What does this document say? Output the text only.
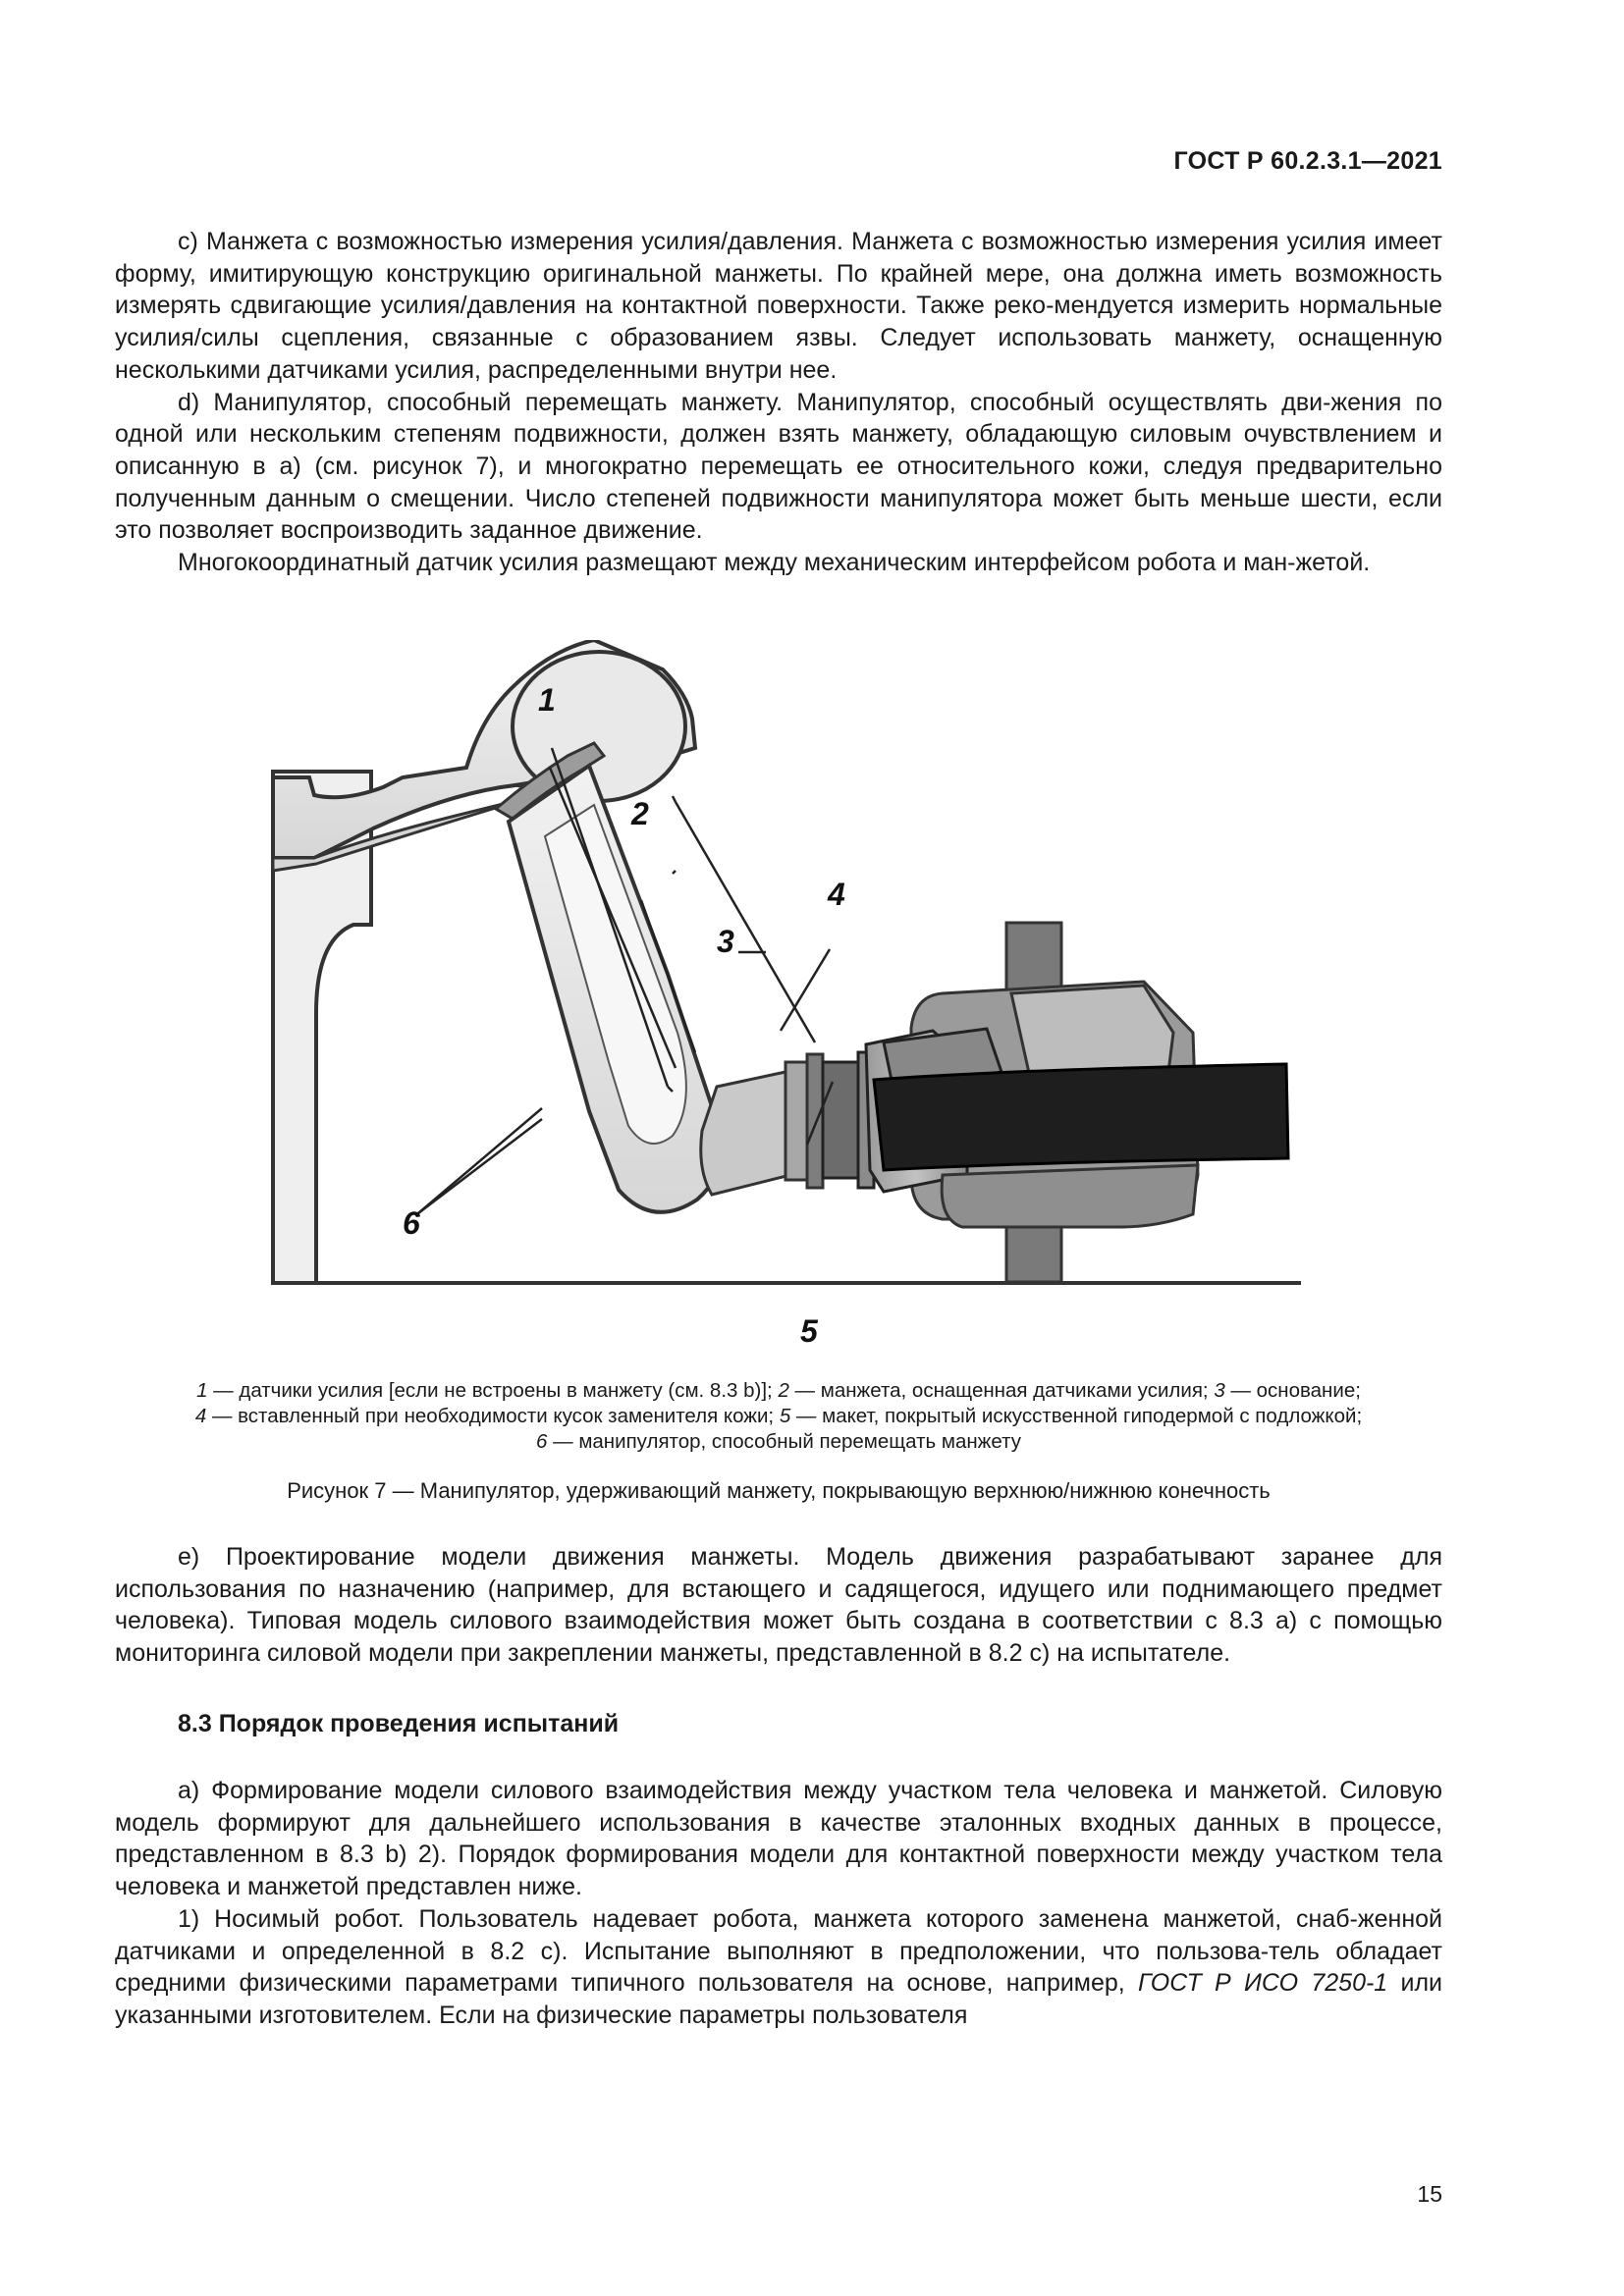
ГОСТ Р 60.2.3.1—2021

с) Манжета с возможностью измерения усилия/давления. Манжета с возможностью измерения усилия имеет форму, имитирующую конструкцию оригинальной манжеты. По крайней мере, она должна иметь возможность измерять сдвигающие усилия/давления на контактной поверхности. Также реко-мендуется измерить нормальные усилия/силы сцепления, связанные с образованием язвы. Следует использовать манжету, оснащенную несколькими датчиками усилия, распределенными внутри нее.

d) Манипулятор, способный перемещать манжету. Манипулятор, способный осуществлять дви-жения по одной или нескольким степеням подвижности, должен взять манжету, обладающую силовым очувствлением и описанную в а) (см. рисунок 7), и многократно перемещать ее относительного кожи, следуя предварительно полученным данным о смещении. Число степеней подвижности манипулятора может быть меньше шести, если это позволяет воспроизводить заданное движение.

Многокоординатный датчик усилия размещают между механическим интерфейсом робота и ман-жетой.

1
2
3
4
5
6
1 — датчики усилия [если не встроены в манжету (см. 8.3 b)]; 2 — манжета, оснащенная датчиками усилия; 3 — основание;
4 — вставленный при необходимости кусок заменителя кожи; 5 — макет, покрытый искусственной гиподермой с подложкой;
6 — манипулятор, способный перемещать манжету
Рисунок 7 — Манипулятор, удерживающий манжету, покрывающую верхнюю/нижнюю конечность

е) Проектирование модели движения манжеты. Модель движения разрабатывают заранее для использования по назначению (например, для встающего и садящегося, идущего или поднимающего предмет человека). Типовая модель силового взаимодействия может быть создана в соответствии с 8.3 а) с помощью мониторинга силовой модели при закреплении манжеты, представленной в 8.2 с) на испытателе.

8.3 Порядок проведения испытаний

а) Формирование модели силового взаимодействия между участком тела человека и манжетой. Силовую модель формируют для дальнейшего использования в качестве эталонных входных данных в процессе, представленном в 8.3 b) 2). Порядок формирования модели для контактной поверхности между участком тела человека и манжетой представлен ниже.

1) Носимый робот. Пользователь надевает робота, манжета которого заменена манжетой, снаб-женной датчиками и определенной в 8.2 с). Испытание выполняют в предположении, что пользова-тель обладает средними физическими параметрами типичного пользователя на основе, например, ГОСТ Р ИСО 7250-1 или указанными изготовителем. Если на физические параметры пользователя

15
